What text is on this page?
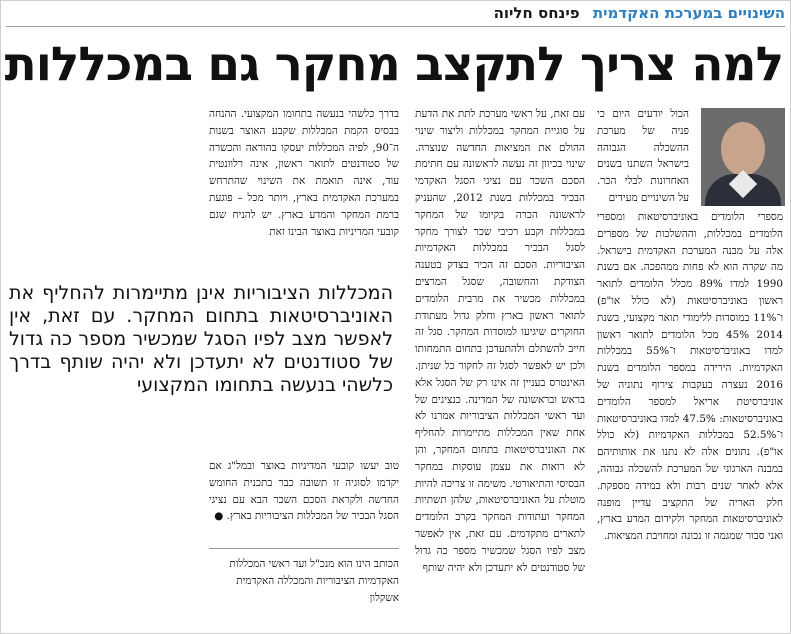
השינויים במערכת האקדמית פינחס חליוה
למה צריך לתקצב מחקר גם במכללות

הכול יודעים היום כי פניה של מערכת ההשכלה הגבוהה בישראל השתנו בשנים האחרונות לבלי הכר. על השינויים מעידים

מספרי הלומדים באוניברסיטאות ומספרי הלומדים במכללות, וההשלכות של מספרים אלה על מבנה המערכת האקדמית בישראל. מה שקרה הוא לא פחות ממהפכה. אם בשנת 1990 למדו 89% מכלל הלומדים לתואר ראשון באוניברסיטאות (לא כולל או"פ) ו־11% במוסדות ללימודי תואר מקצועי, בשנת 2014 45% מכל הלומדים לתואר ראשון למדו באוניברסיטאות ו־55% במכללות האקדמיות. הירידה במספר הלומדים בשנת 2016 נעצרה בעקבות צירוף נתוניה של אוניברסיטת אריאל למספר הלומדים באוניברסיטאות: 47.5% למדו באוניברסיטאות ו־52.5% במכללות האקדמיות (לא כולל או"פ). נתונים אלה לא נתנו את אותותיהם במבנה הארגוני של המערכת להשכלה גבוהה, אלא לאחר שנים רבות ולא במידה מספקת. חלק האריה של התקציב עדיין מופנה לאוניברסיטאות המחקר ולקידום המדע בארץ, ואני סבור שמגמה זו נכונה ומחויבת המציאות.

עם זאת, על ראשי מערכת לתת את הדעת על סוגיית המחקר במכללות וליצור שינוי ההולם את המציאות החדשה שנוצרה. שינוי בכיוון זה נעשה לראשונה עם חתימת הסכם השכר עם נציגי הסגל האקדמי הבכיר במכללות בשנת 2012, שהעניק לראשונה הכרה בקיומו של המחקר במכללות וקבע רכיבי שכר לצורך מחקר לסגל הבכיר במכללות האקדמיות הציבוריות. הסכם זה הכיר בצדק בטענה הצודקת והחשובה, שסגל המרצים במכללות מכשיר את מרבית הלומדים לתואר ראשון בארץ וחלק גדול מעתודת החוקרים שיגיעו למוסדות המחקר. סגל זה חייב להשתלם ולהתעדכן בתחום התמחותו ולכן יש לאפשר לסגל זה לחקור כל שניתן. האינטרס בעניין זה אינו רק של הסגל אלא בראש ובראשונה של המדינה. כנציגים של ועד ראשי המכללות הציבוריות אמרנו לא אחת שאין המכללות מתיימרות להחליף את האוניברסיטאות בתחום המחקר, והן לא רואות את עצמן עוסקות במחקר הבסיסי והתיאורטי. משימה זו צריכה להיות מוטלת על האוניברסיטאות, שלהן תשתיות המחקר ועתודות המחקר בקרב הלומדים לתארים מתקדמים. עם זאת, אין לאפשר מצב לפיו הסגל שמכשיר מספר כה גדול של סטודנטים לא יתעדכן ולא יהיה שותף

בדרך כלשהי בנעשה בתחומו המקצועי. ההנחה בבסיס הקמת המכללות שקבע האוצר בשנות ה־90, לפיה המכללות יעסקו בהוראה והכשרה של סטודנטים לתואר ראשון, אינה רלוונטית עוד, אינה תואמת את השינוי שהתרחש במערכת האקדמית בארץ, ויותר מכל – פוגעת ברמת המחקר והמדע בארץ. יש להניח שגם קובעי המדיניות באוצר הבינו זאת

המכללות הציבוריות אינן מתיימרות להחליף את האוניברסיטאות בתחום המחקר. עם זאת, אין לאפשר מצב לפיו הסגל שמכשיר מספר כה גדול של סטודנטים לא יתעדכן ולא יהיה שותף בדרך כלשהי בנעשה בתחומו המקצועי
טוב יעשו קובעי המדיניות באוצר ובמל"ג אם יקדמו לסוגיה זו תשובה כבר בתכנית החומש החדשה ולקראת הסכם השכר הבא עם נציגי הסגל הבכיר של המכללות הציבוריות בארץ. ●
הכותב הינו הוא מנכ"ל ועד ראשי המכללות האקדמיות הציבוריות והמכללה האקדמית אשקלון
